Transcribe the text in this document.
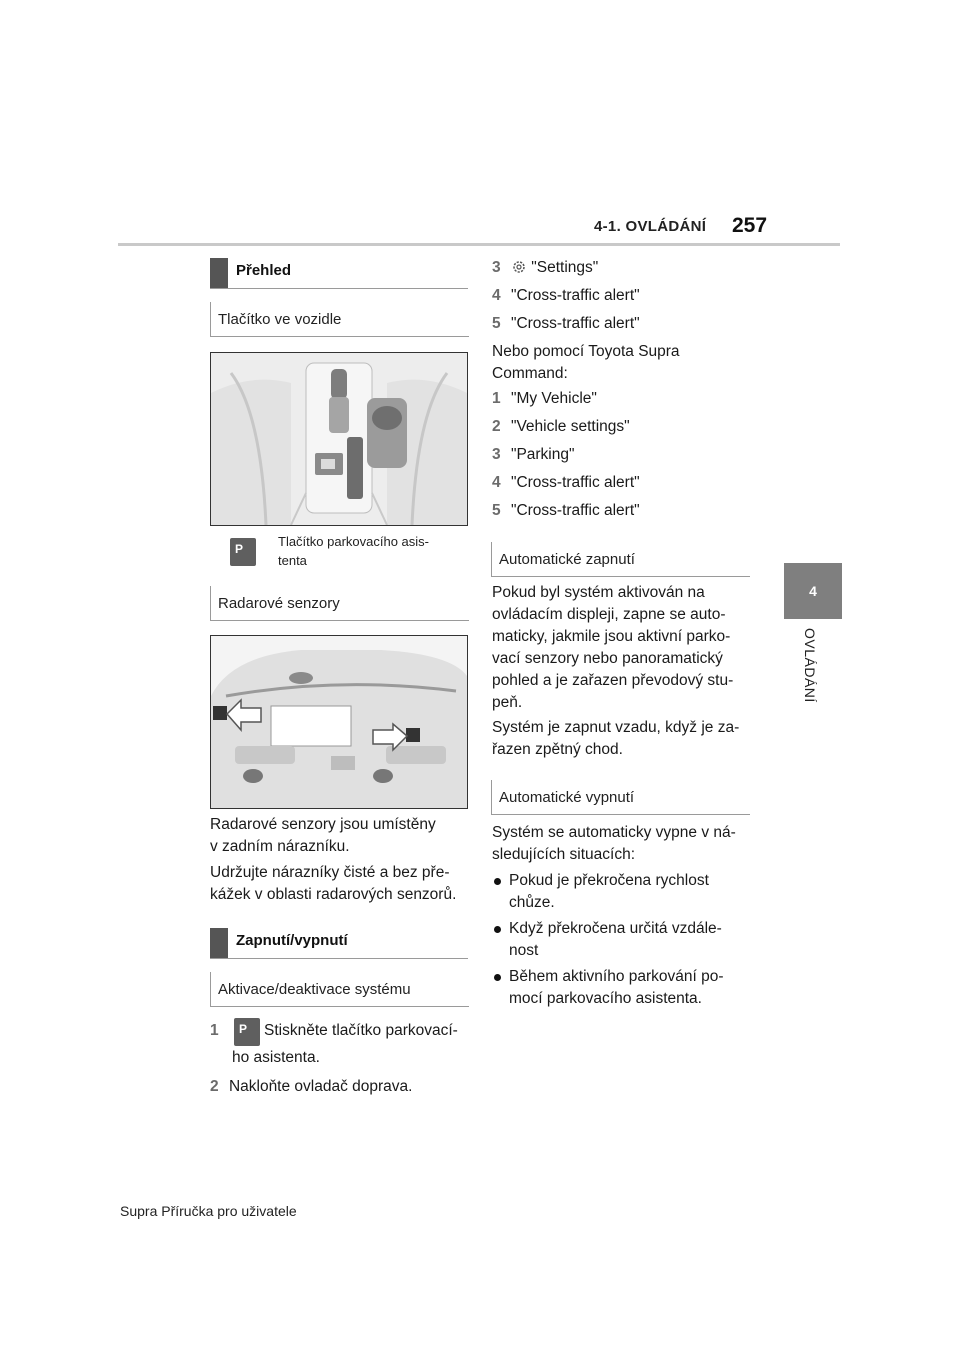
4-1. OVLÁDÁNÍ 257
4
OVLÁDÁNÍ
Přehled
Tlačítko ve vozidle
P	Tlačítko parkovacího asis-
tenta
Radarové senzory
Radarové senzory jsou umístěny
v zadním nárazníku.
Udržujte nárazníky čisté a bez pře-
kážek v oblasti radarových senzorů.
Zapnutí/vypnutí
Aktivace/deaktivace systému
1 P Stiskněte tlačítko parkovací-
ho asistenta.
2 Nakloňte ovladač doprava.
3 "Settings"
4 "Cross-traffic alert"
5 "Cross-traffic alert"
Nebo pomocí Toyota Supra
Command:
1 "My Vehicle"
2 "Vehicle settings"
3 "Parking"
4 "Cross-traffic alert"
5 "Cross-traffic alert"
Automatické zapnutí
Pokud byl systém aktivován na
ovládacím displeji, zapne se auto-
maticky, jakmile jsou aktivní parko-
vací senzory nebo panoramatický
pohled a je zařazen převodový stu-
peň.
Systém je zapnut vzadu, když je za-
řazen zpětný chod.
Automatické vypnutí
Systém se automaticky vypne v ná-
sledujících situacích:
Pokud je překročena rychlost
chůze.
Když překročena určitá vzdále-
nost
Během aktivního parkování po-
mocí parkovacího asistenta.
Supra Příručka pro uživatele
